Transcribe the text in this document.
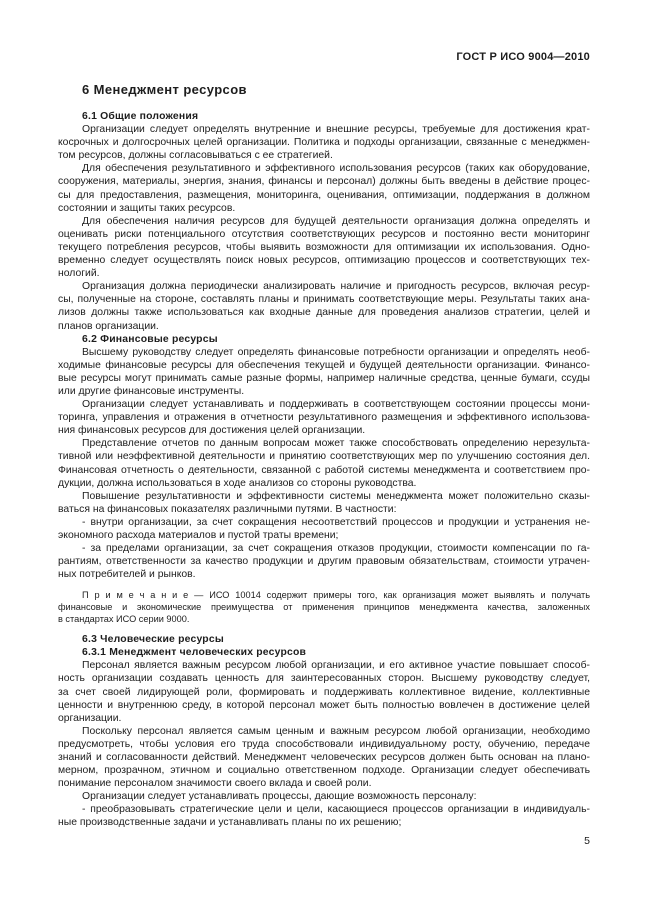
ГОСТ Р ИСО 9004—2010
6 Менеджмент ресурсов
6.1 Общие положения
Организации следует определять внутренние и внешние ресурсы, требуемые для достижения крат-
косрочных и долгосрочных целей организации. Политика и подходы организации, связанные с менеджмен-
том ресурсов, должны согласовываться с ее стратегией.
Для обеспечения результативного и эффективного использования ресурсов (таких как оборудование,
сооружения, материалы, энергия, знания, финансы и персонал) должны быть введены в действие процес-
сы для предоставления, размещения, мониторинга, оценивания, оптимизации, поддержания в должном
состоянии и защиты таких ресурсов.
Для обеспечения наличия ресурсов для будущей деятельности организация должна определять и
оценивать риски потенциального отсутствия соответствующих ресурсов и постоянно вести мониторинг
текущего потребления ресурсов, чтобы выявить возможности для оптимизации их использования. Одно-
временно следует осуществлять поиск новых ресурсов, оптимизацию процессов и соответствующих тех-
нологий.
Организация должна периодически анализировать наличие и пригодность ресурсов, включая ресур-
сы, полученные на стороне, составлять планы и принимать соответствующие меры. Результаты таких ана-
лизов должны также использоваться как входные данные для проведения анализов стратегии, целей и
планов организации.
6.2 Финансовые ресурсы
Высшему руководству следует определять финансовые потребности организации и определять необ-
ходимые финансовые ресурсы для обеспечения текущей и будущей деятельности организации. Финансо-
вые ресурсы могут принимать самые разные формы, например наличные средства, ценные бумаги, ссуды
или другие финансовые инструменты.
Организации следует устанавливать и поддерживать в соответствующем состоянии процессы мони-
торинга, управления и отражения в отчетности результативного размещения и эффективного использова-
ния финансовых ресурсов для достижения целей организации.
Представление отчетов по данным вопросам может также способствовать определению нерезульта-
тивной или неэффективной деятельности и принятию соответствующих мер по улучшению состояния дел.
Финансовая отчетность о деятельности, связанной с работой системы менеджмента и соответствием про-
дукции, должна использоваться в ходе анализов со стороны руководства.
Повышение результативности и эффективности системы менеджмента может положительно сказы-
ваться на финансовых показателях различными путями. В частности:
- внутри организации, за счет сокращения несоответствий процессов и продукции и устранения не-
экономного расхода материалов и пустой траты времени;
- за пределами организации, за счет сокращения отказов продукции, стоимости компенсации по га-
рантиям, ответственности за качество продукции и другим правовым обязательствам, стоимости утрачен-
ных потребителей и рынков.
П р и м е ч а н и е — ИСО 10014 содержит примеры того, как организация может выявлять и получать
финансовые и экономические преимущества от применения принципов менеджмента качества, заложенных
в стандартах ИСО серии 9000.
6.3 Человеческие ресурсы
6.3.1 Менеджмент человеческих ресурсов
Персонал является важным ресурсом любой организации, и его активное участие повышает способ-
ность организации создавать ценность для заинтересованных сторон. Высшему руководству следует,
за счет своей лидирующей роли, формировать и поддерживать коллективное видение, коллективные
ценности и внутреннюю среду, в которой персонал может быть полностью вовлечен в достижение целей
организации.
Поскольку персонал является самым ценным и важным ресурсом любой организации, необходимо
предусмотреть, чтобы условия его труда способствовали индивидуальному росту, обучению, передаче
знаний и согласованности действий. Менеджмент человеческих ресурсов должен быть основан на плано-
мерном, прозрачном, этичном и социально ответственном подходе. Организации следует обеспечивать
понимание персоналом значимости своего вклада и своей роли.
Организации следует устанавливать процессы, дающие возможность персоналу:
- преобразовывать стратегические цели и цели, касающиеся процессов организации в индивидуаль-
ные производственные задачи и устанавливать планы по их решению;
5
